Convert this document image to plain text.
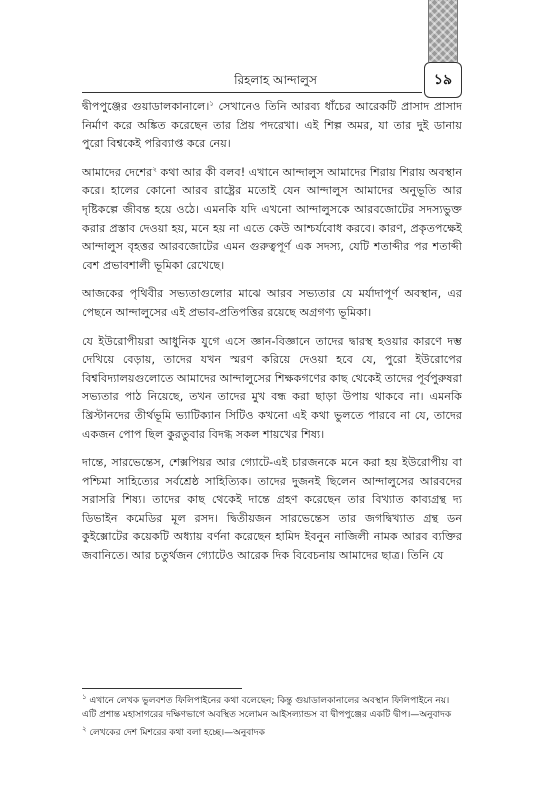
১৯
রিহলাহ আন্দালুস

দ্বীপপুঞ্জের গুয়াডালকানালে।$^১$ সেখানেও তিনি আরব্য ধাঁচের আরেকটি প্রাসাদ প্রাসাদ নির্মাণ করে অঙ্কিত করেছেন তার প্রিয় পদরেখা। এই শিল্প অমর, যা তার দুই ডানায় পুরো বিশ্বকেই পরিব্যাপ্ত করে নেয়।

আমাদের দেশের$^২$ কথা আর কী বলব! এখানে আন্দালুস আমাদের শিরায় শিরায় অবস্থান করে। হালের কোনো আরব রাষ্ট্রের মতোই যেন আন্দালুস আমাদের অনুভূতি আর দৃষ্টিকল্পে জীবন্ত হয়ে ওঠে। এমনকি যদি এখনো আন্দালুসকে আরবজোটের সদস্যভুক্ত করার প্রস্তাব দেওয়া হয়, মনে হয় না এতে কেউ আশ্চর্যবোধ করবে। কারণ, প্রকৃতপক্ষেই আন্দালুস বৃহত্তর আরবজোটের এমন গুরুত্বপূর্ণ এক সদস্য, যেটি শতাব্দীর পর শতাব্দী বেশ প্রভাবশালী ভূমিকা রেখেছে।

আজকের পৃথিবীর সভ্যতাগুলোর মাঝে আরব সভ্যতার যে মর্যাদাপূর্ণ অবস্থান, এর পেছনে আন্দালুসের এই প্রভাব-প্রতিপত্তির রয়েছে অগ্রগণ্য ভূমিকা।

যে ইউরোপীয়রা আধুনিক যুগে এসে জ্ঞান-বিজ্ঞানে তাদের দ্বারস্থ হওয়ার কারণে দম্ভ দেখিয়ে বেড়ায়, তাদের যখন স্মরণ করিয়ে দেওয়া হবে যে, পুরো ইউরোপের বিশ্ববিদ্যালয়গুলোতে আমাদের আন্দালুসের শিক্ষকগণের কাছ থেকেই তাদের পূর্বপুরুষরা সভ্যতার পাঠ নিয়েছে, তখন তাদের মুখ বন্ধ করা ছাড়া উপায় থাকবে না। এমনকি খ্রিস্টানদের তীর্থভূমি ভ্যাটিক্যান সিটিও কখনো এই কথা ভুলতে পারবে না যে, তাদের একজন পোপ ছিল কুরতুবার বিদগ্ধ সকল শায়খের শিষ্য।

দান্তে, সারভেন্তেস, শেক্সপিয়র আর গ্যোটে-এই চারজনকে মনে করা হয় ইউরোপীয় বা পশ্চিমা সাহিত্যের সর্বশ্রেষ্ঠ সাহিত্যিক। তাদের দুজনই ছিলেন আন্দালুসের আরবদের সরাসরি শিষ্য। তাদের কাছ থেকেই দান্তে গ্রহণ করেছেন তার বিখ্যাত কাব্যগ্রন্থ দ্য ডিভাইন কমেডির মূল রসদ। দ্বিতীয়জন সারভেন্তেস তার জগদ্বিখ্যাত গ্রন্থ ডন কুইক্সোটের কয়েকটি অধ্যায় বর্ণনা করেছেন হামিদ ইবনুন নাজিলী নামক আরব ব্যক্তির জবানিতে। আর চতুর্থজন গ্যোটেও আরেক দিক বিবেচনায় আমাদের ছাত্র। তিনি যে

$^১$ এখানে লেখক ভুলবশত ফিলিপাইনের কথা বলেছেন; কিন্তু গুয়াডালকানালের অবস্থান ফিলিপাইনে নয়। এটি প্রশান্ত মহাসাগরের দক্ষিণভাগে অবস্থিত সলোমন আইসল্যান্ডস বা দ্বীপপুঞ্জের একটি দ্বীপ।—অনুবাদক

$^২$ লেখকের দেশ মিশরের কথা বলা হচ্ছে।—অনুবাদক
